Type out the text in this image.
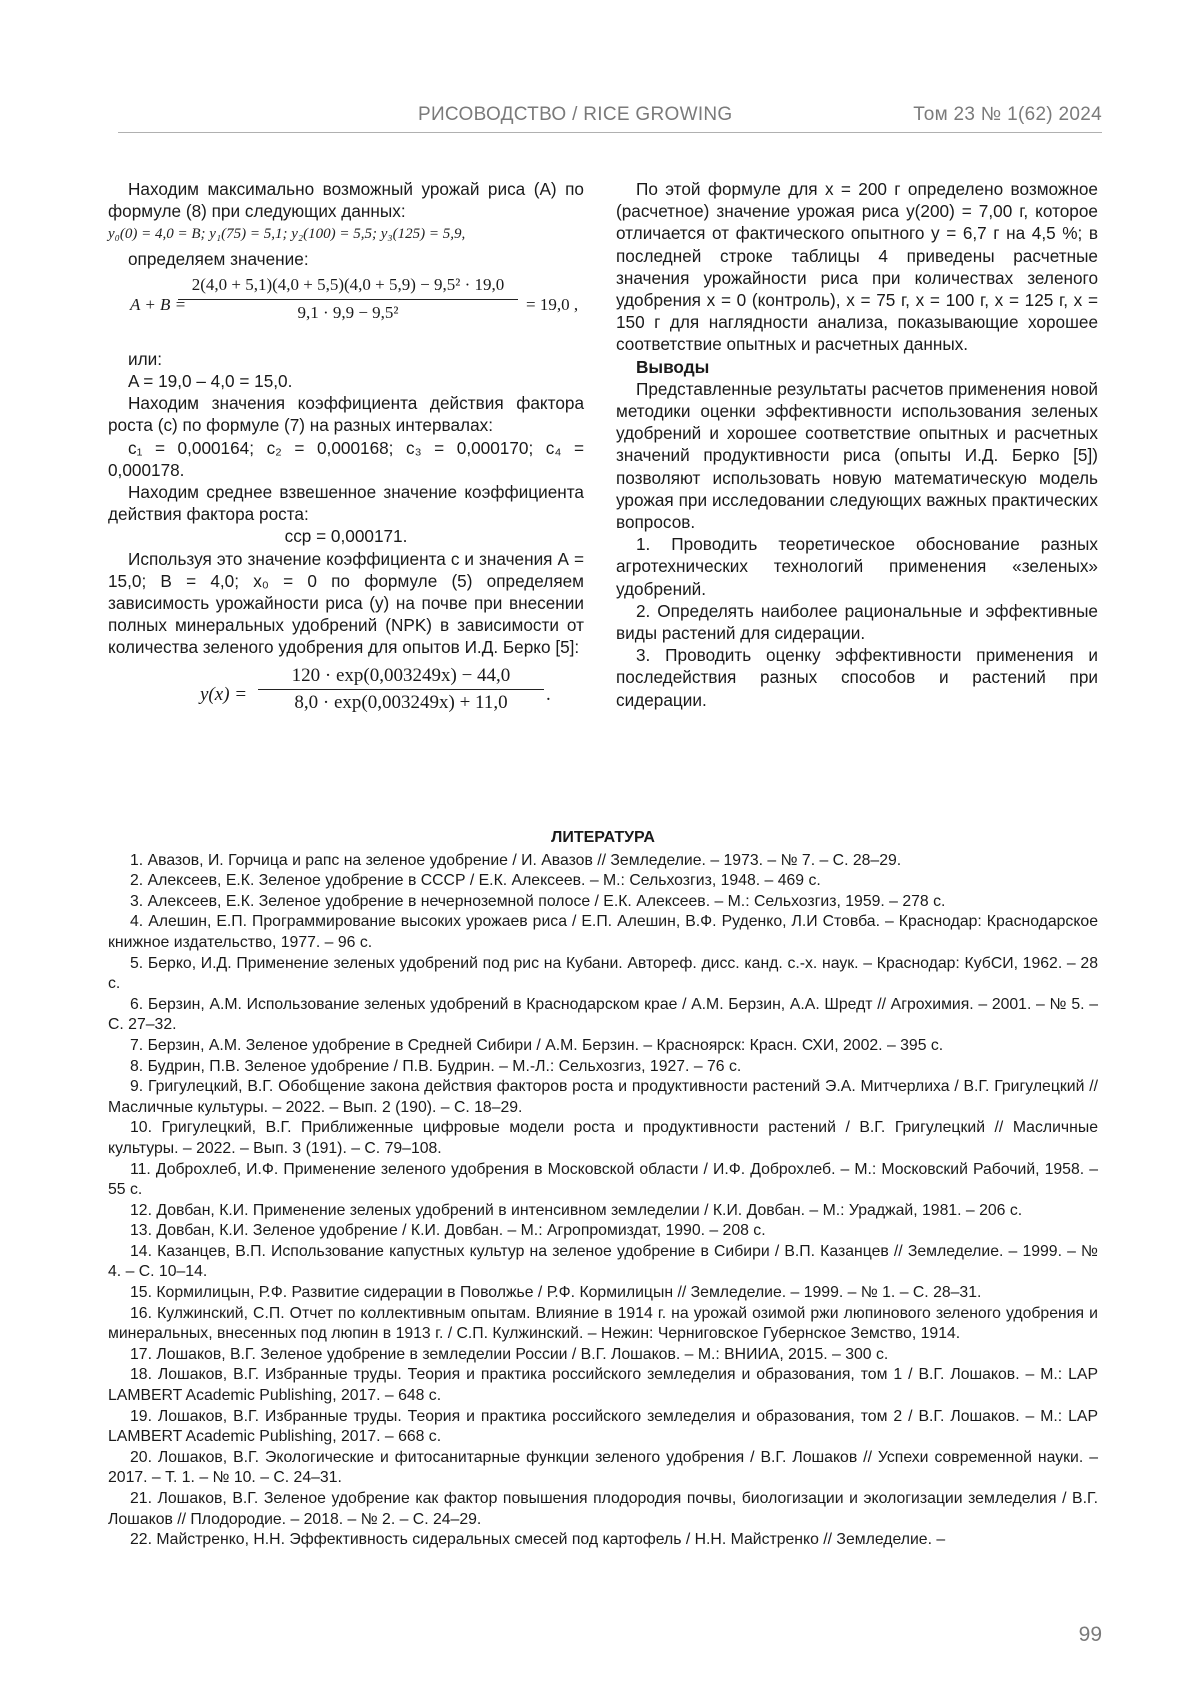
РИСОВОДСТВО / RICE GROWING	Том 23 № 1(62) 2024

Находим максимально возможный урожай риса (А) по формуле (8) при следующих данных:

y₀(0) = 4,0 = B; y₁(75) = 5,1; y₂(100) = 5,5; y₃(125) = 5,9,

определяем значение:

A + B =
2(4,0 + 5,1)(4,0 + 5,5)(4,0 + 5,9) − 9,5² · 19,0
9,1 · 9,9 − 9,5²	= 19,0 ,

или:

A = 19,0 – 4,0 = 15,0.

Находим значения коэффициента действия фактора роста (с) по формуле (7) на разных интервалах:

c₁ = 0,000164; c₂ = 0,000168; c₃ = 0,000170; c₄ = 0,000178.

Находим среднее взвешенное значение коэффициента действия фактора роста:

cср = 0,000171.

Используя это значение коэффициента с и значения А = 15,0; В = 4,0; x₀ = 0 по формуле (5) определяем зависимость урожайности риса (у) на почве при внесении полных минеральных удобрений (NPK) в зависимости от количества зеленого удобрения для опытов И.Д. Берко [5]:

y(x) =
120 · exp(0,003249x) − 44,0
8,0 · exp(0,003249x) + 11,0	.

По этой формуле для x = 200 г определено возможное (расчетное) значение урожая риса y(200) = 7,00 г, которое отличается от фактического опытного y = 6,7 г на 4,5 %; в последней строке таблицы 4 приведены расчетные значения урожайности риса при количествах зеленого удобрения x = 0 (контроль), x = 75 г, x = 100 г, x = 125 г, x = 150 г для наглядности анализа, показывающие хорошее соответствие опытных и расчетных данных.

Выводы

Представленные результаты расчетов применения новой методики оценки эффективности использования зеленых удобрений и хорошее соответствие опытных и расчетных значений продуктивности риса (опыты И.Д. Берко [5]) позволяют использовать новую математическую модель урожая при исследовании следующих важных практических вопросов.

1. Проводить теоретическое обоснование разных агротехнических технологий применения «зеленых» удобрений.

2. Определять наиболее рациональные и эффективные виды растений для сидерации.

3. Проводить оценку эффективности применения и последействия разных способов и растений при сидерации.

ЛИТЕРАТУРА
1. Авазов, И. Горчица и рапс на зеленое удобрение / И. Авазов // Земледелие. – 1973. – № 7. – С. 28–29.
2. Алексеев, Е.К. Зеленое удобрение в СССР / Е.К. Алексеев. – М.: Сельхозгиз, 1948. – 469 с.
3. Алексеев, Е.К. Зеленое удобрение в нечерноземной полосе / Е.К. Алексеев. – М.: Сельхозгиз, 1959. – 278 с.
4. Алешин, Е.П. Программирование высоких урожаев риса / Е.П. Алешин, В.Ф. Руденко, Л.И Стовба. – Краснодар: Краснодарское книжное издательство, 1977. – 96 с.
5. Берко, И.Д. Применение зеленых удобрений под рис на Кубани. Автореф. дисс. канд. с.-х. наук. – Краснодар: КубСИ, 1962. – 28 с.
6. Берзин, А.М. Использование зеленых удобрений в Краснодарском крае / А.М. Берзин, А.А. Шредт // Агрохимия. – 2001. – № 5. – С. 27–32.
7. Берзин, А.М. Зеленое удобрение в Средней Сибири / А.М. Берзин. – Красноярск: Красн. СХИ, 2002. – 395 с.
8. Будрин, П.В. Зеленое удобрение / П.В. Будрин. – М.-Л.: Сельхозгиз, 1927. – 76 с.
9. Григулецкий, В.Г. Обобщение закона действия факторов роста и продуктивности растений Э.А. Митчерлиха / В.Г. Григулецкий // Масличные культуры. – 2022. – Вып. 2 (190). – С. 18–29.
10. Григулецкий, В.Г. Приближенные цифровые модели роста и продуктивности растений / В.Г. Григулецкий // Масличные культуры. – 2022. – Вып. 3 (191). – С. 79–108.
11. Доброхлеб, И.Ф. Применение зеленого удобрения в Московской области / И.Ф. Доброхлеб. – М.: Московский Рабочий, 1958. – 55 с.
12. Довбан, К.И. Применение зеленых удобрений в интенсивном земледелии / К.И. Довбан. – М.: Ураджай, 1981. – 206 с.
13. Довбан, К.И. Зеленое удобрение / К.И. Довбан. – М.: Агропромиздат, 1990. – 208 с.
14. Казанцев, В.П. Использование капустных культур на зеленое удобрение в Сибири / В.П. Казанцев // Земледелие. – 1999. – № 4. – С. 10–14.
15. Кормилицын, Р.Ф. Развитие сидерации в Поволжье / Р.Ф. Кормилицын // Земледелие. – 1999. – № 1. – С. 28–31.
16. Кулжинский, С.П. Отчет по коллективным опытам. Влияние в 1914 г. на урожай озимой ржи люпинового зеленого удобрения и минеральных, внесенных под люпин в 1913 г. / С.П. Кулжинский. – Нежин: Черниговское Губернское Земство, 1914.
17. Лошаков, В.Г. Зеленое удобрение в земледелии России / В.Г. Лошаков. – М.: ВНИИА, 2015. – 300 с.
18. Лошаков, В.Г. Избранные труды. Теория и практика российского земледелия и образования, том 1 / В.Г. Лошаков. – М.: LAP LAMBERT Academic Publishing, 2017. – 648 с.
19. Лошаков, В.Г. Избранные труды. Теория и практика российского земледелия и образования, том 2 / В.Г. Лошаков. – М.: LAP LAMBERT Academic Publishing, 2017. – 668 с.
20. Лошаков, В.Г. Экологические и фитосанитарные функции зеленого удобрения / В.Г. Лошаков // Успехи современной науки. – 2017. – Т. 1. – № 10. – С. 24–31.
21. Лошаков, В.Г. Зеленое удобрение как фактор повышения плодородия почвы, биологизации и экологизации земледелия / В.Г. Лошаков // Плодородие. – 2018. – № 2. – С. 24–29.
22. Майстренко, Н.Н. Эффективность сидеральных смесей под картофель / Н.Н. Майстренко // Земледелие. –
99
